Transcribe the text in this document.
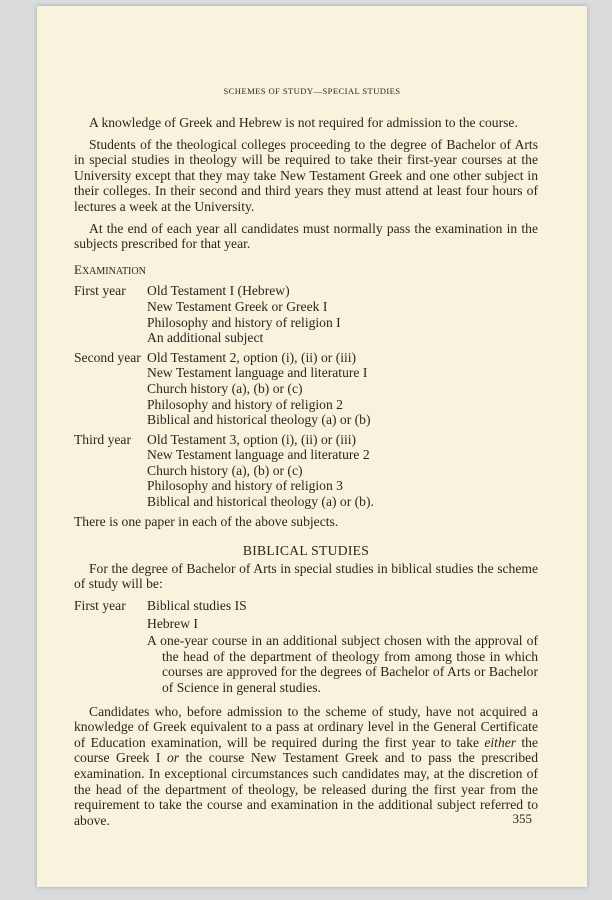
SCHEMES OF STUDY—SPECIAL STUDIES

A knowledge of Greek and Hebrew is not required for admission to the course.

Students of the theological colleges proceeding to the degree of Bachelor of Arts in special studies in theology will be required to take their first-year courses at the University except that they may take New Testament Greek and one other subject in their colleges. In their second and third years they must attend at least four hours of lectures a week at the University.

At the end of each year all candidates must normally pass the examination in the subjects prescribed for that year.

EXAMINATION
First year	Old Testament I (Hebrew)
New Testament Greek or Greek I
Philosophy and history of religion I
An additional subject
Second year Old Testament 2, option (i), (ii) or (iii)
New Testament language and literature I
Church history (a), (b) or (c)
Philosophy and history of religion 2
Biblical and historical theology (a) or (b)
Third year	Old Testament 3, option (i), (ii) or (iii)
New Testament language and literature 2
Church history (a), (b) or (c)
Philosophy and history of religion 3
Biblical and historical theology (a) or (b).

There is one paper in each of the above subjects.

BIBLICAL STUDIES

For the degree of Bachelor of Arts in special studies in biblical studies the scheme of study will be:

First year	Biblical studies IS
Hebrew I
A one-year course in an additional subject chosen with the approval of the head of the department of theology from among those in which courses are approved for the degrees of Bachelor of Arts or Bachelor of Science in general studies.

Candidates who, before admission to the scheme of study, have not acquired a knowledge of Greek equivalent to a pass at ordinary level in the General Certificate of Education examination, will be required during the first year to take either the course Greek I or the course New Testament Greek and to pass the prescribed examination. In exceptional circumstances such candidates may, at the discretion of the head of the department of theology, be released during the first year from the requirement to take the course and examination in the additional subject referred to above.	355
